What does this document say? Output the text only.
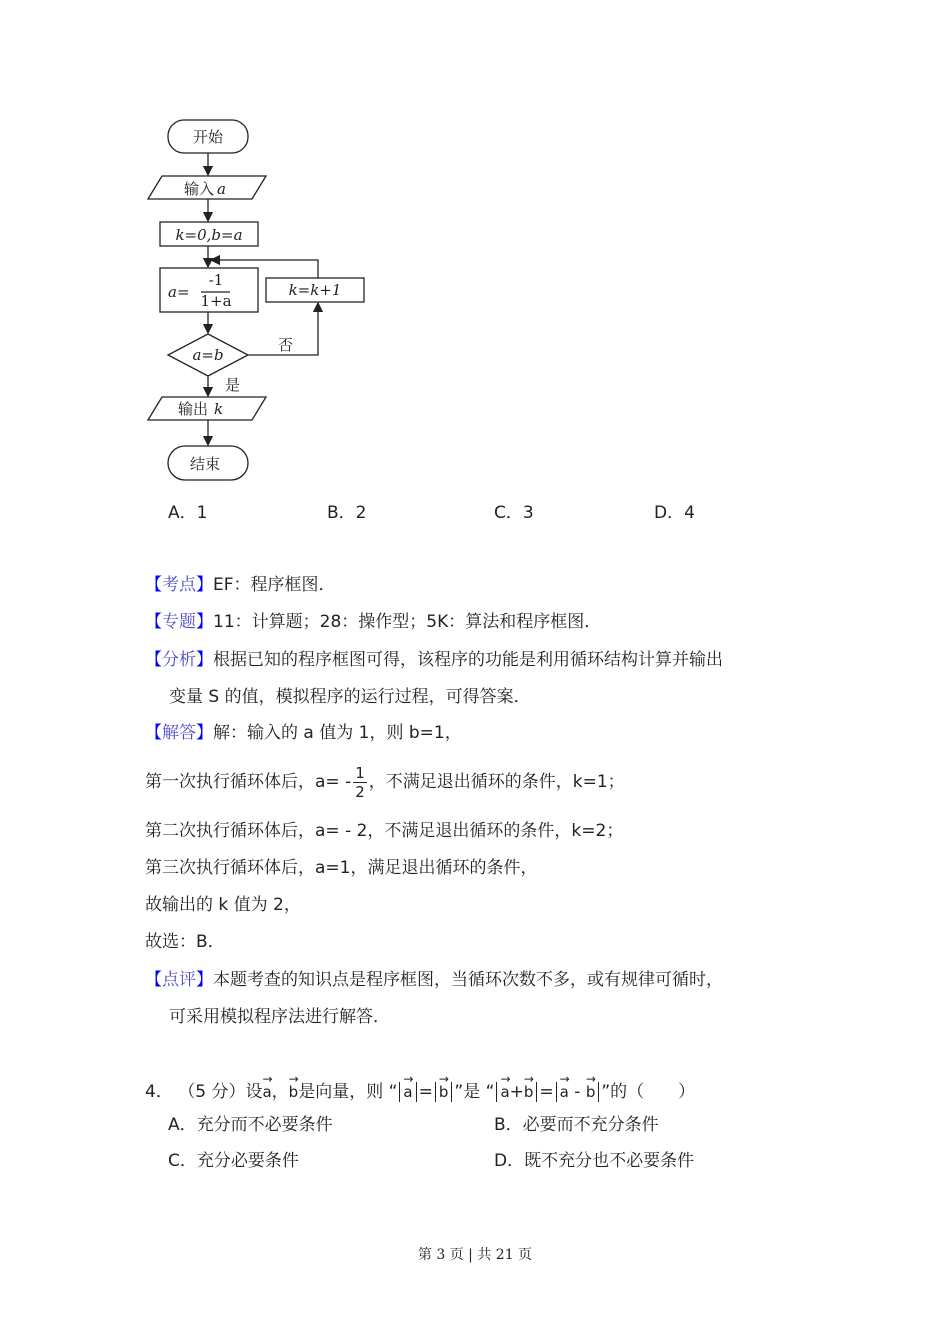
开始
输入 a
k=0,b=a
a=
-1
1+a
k=k+1
a=b
否
是
输出 k
结束
A．1	B．2	C．3	D．4
【考点】EF：程序框图．
【专题】11：计算题；28：操作型；5K：算法和程序框图．
【分析】根据已知的程序框图可得，该程序的功能是利用循环结构计算并输出
变量 S 的值，模拟程序的运行过程，可得答案．
【解答】解：输入的 a 值为 1，则 b=1，
第一次执行循环体后，$a= - \frac{1}{2}$ ，不满足退出循环的条件，k=1；
第二次执行循环体后，a= - 2，不满足退出循环的条件，k=2；
第三次执行循环体后，a=1，满足退出循环的条件，
故输出的 k 值为 2，
故选：B．
【点评】本题考查的知识点是程序框图，当循环次数不多，或有规律可循时，
可采用模拟程序法进行解答．
4． （5 分）设→ a，→ b是向量，则 “ → a = → b ”是 “ → a+→ b = → a - → b ”的（　　）
A．充分而不必要条件	B．必要而不充分条件
C．充分必要条件	D．既不充分也不必要条件
第 3 页 | 共 21 页
